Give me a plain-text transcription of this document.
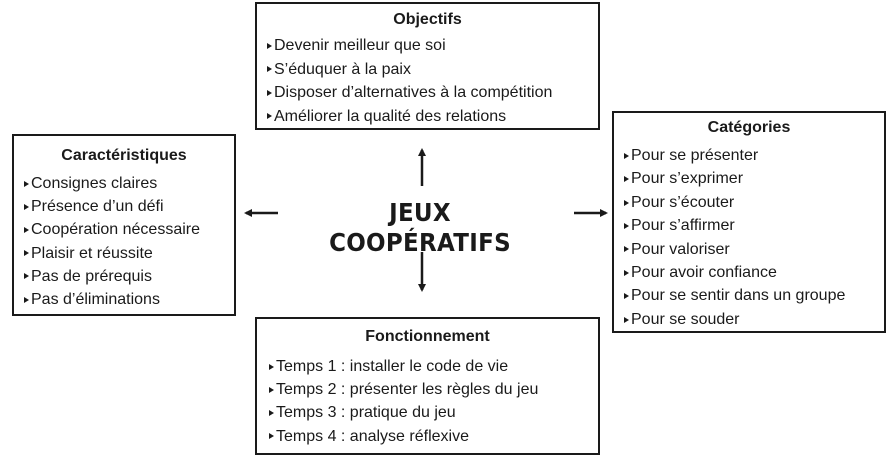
JEUX COOPÉRATIFS
Objectifs
Devenir meilleur que soi
S’éduquer à la paix
Disposer d’alternatives à la compétition
Améliorer la qualité des relations
Caractéristiques
Consignes claires
Présence d’un défi
Coopération nécessaire
Plaisir et réussite
Pas de prérequis
Pas d’éliminations
Catégories
Pour se présenter
Pour s’exprimer
Pour s’écouter
Pour s’affirmer
Pour valoriser
Pour avoir confiance
Pour se sentir dans un groupe
Pour se souder
Fonctionnement
Temps 1 : installer le code de vie
Temps 2 : présenter les règles du jeu
Temps 3 : pratique du jeu
Temps 4 : analyse réflexive
